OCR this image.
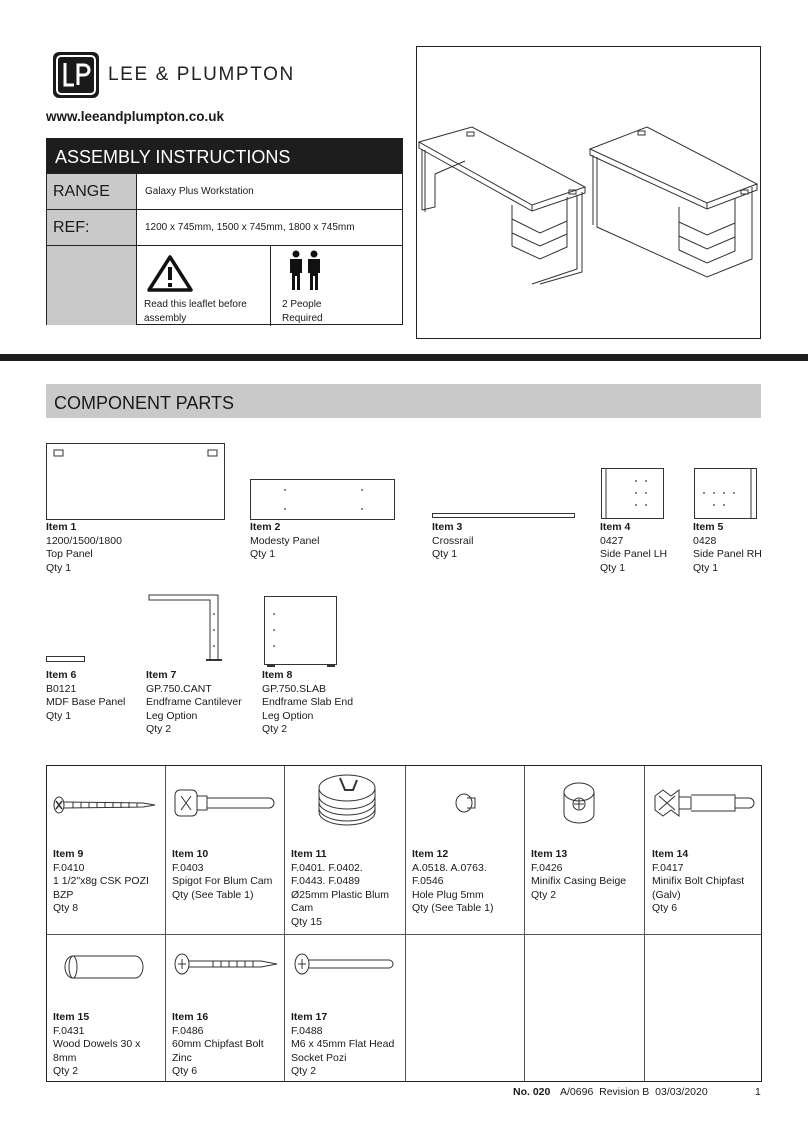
LEE & PLUMPTON
www.leeandplumpton.co.uk
ASSEMBLY INSTRUCTIONS
RANGE	Galaxy Plus Workstation
REF:	1200 x 745mm, 1500 x 745mm, 1800 x 745mm
Read this leaflet before
assembly
2 People
Required
COMPONENT PARTS
Item 1
1200/1500/1800
Top Panel
Qty 1
Item 2
Modesty Panel
Qty 1
Item 3
Crossrail
Qty 1
Item 4
0427
Side Panel LH
Qty 1
Item 5
0428
Side Panel RH
Qty 1
Item 6
B0121
MDF Base Panel
Qty 1
Item 7
GP.750.CANT
Endframe Cantilever
Leg Option
Qty 2
Item 8
GP.750.SLAB
Endframe Slab End
Leg Option
Qty 2
Item 9
F.0410
1 1/2"x8g CSK POZI
BZP
Qty 8
Item 10
F.0403
Spigot For Blum Cam
Qty (See Table 1)
Item 11
F.0401. F.0402.
F.0443. F.0489
Ø25mm Plastic Blum
Cam
Qty 15
Item 12
A.0518. A.0763.
F.0546
Hole Plug 5mm
Qty (See Table 1)
Item 13
F.0426
Minifix Casing Beige
Qty 2
Item 14
F.0417
Minifix Bolt Chipfast
(Galv)
Qty 6
Item 15
F.0431
Wood Dowels 30 x
8mm
Qty 2
Item 16
F.0486
60mm Chipfast Bolt
Zinc
Qty 6
Item 17
F.0488
M6 x 45mm Flat Head
Socket Pozi
Qty 2
No. 020 A/0696  Revision B  03/03/2020	1
